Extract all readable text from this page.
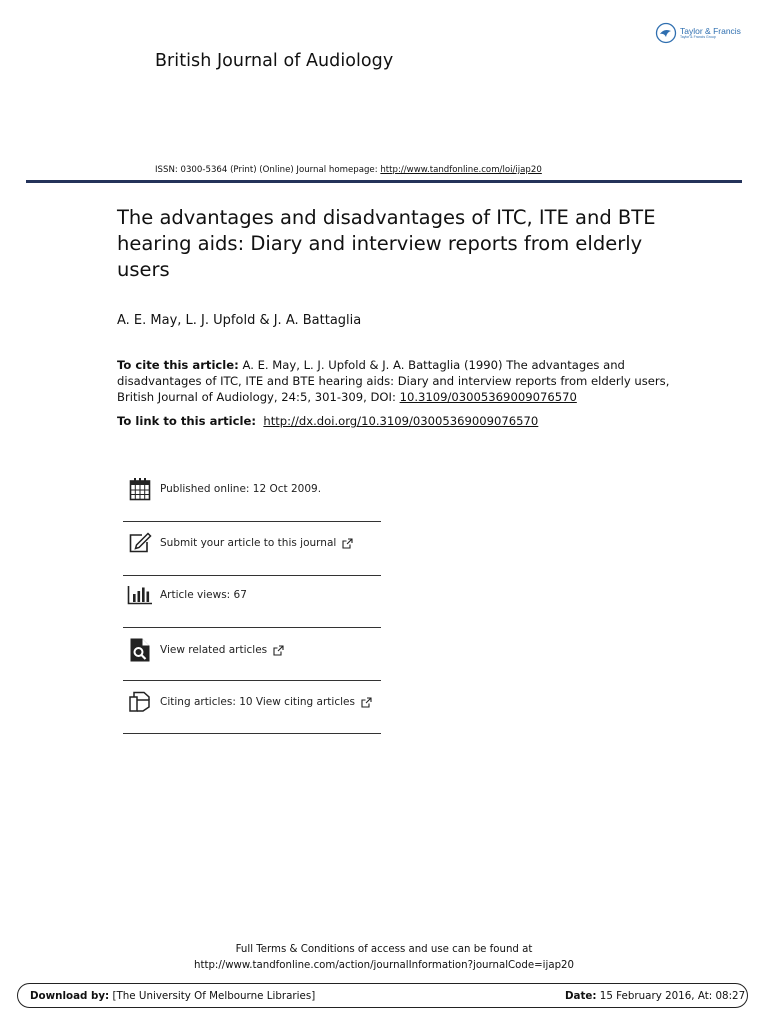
Taylor & Francis
Taylor & Francis Group
British Journal of Audiology
ISSN: 0300-5364 (Print) (Online) Journal homepage: http://www.tandfonline.com/loi/ijap20
The advantages and disadvantages of ITC, ITE and BTE hearing aids: Diary and interview reports from elderly users
A. E. May, L. J. Upfold & J. A. Battaglia
To cite this article: A. E. May, L. J. Upfold & J. A. Battaglia (1990) The advantages and disadvantages of ITC, ITE and BTE hearing aids: Diary and interview reports from elderly users, British Journal of Audiology, 24:5, 301-309, DOI: 10.3109/03005369009076570
To link to this article: http://dx.doi.org/10.3109/03005369009076570
Published online: 12 Oct 2009.
Submit your article to this journal
Article views: 67
View related articles
Citing articles: 10 View citing articles
Full Terms & Conditions of access and use can be found at
http://www.tandfonline.com/action/journalInformation?journalCode=ijap20
Download by: [The University Of Melbourne Libraries]	Date: 15 February 2016, At: 08:27
